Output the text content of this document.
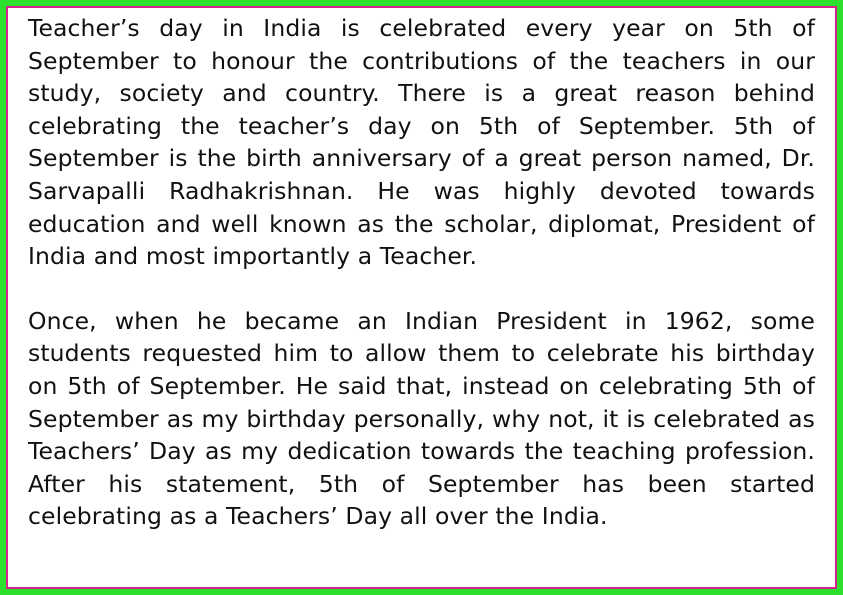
Teacher’s day in India is celebrated every year on 5th of September to honour the contributions of the teachers in our study, society and country. There is a great reason behind celebrating the teacher’s day on 5th of September. 5th of September is the birth anniversary of a great person named, Dr. Sarvapalli Radhakrishnan. He was highly devoted towards education and well known as the scholar, diplomat, President of India and most importantly a Teacher.

Once, when he became an Indian President in 1962, some students requested him to allow them to celebrate his birthday on 5th of September. He said that, instead on celebrating 5th of September as my birthday personally, why not, it is celebrated as Teachers’ Day as my dedication towards the teaching profession. After his statement, 5th of September has been started celebrating as a Teachers’ Day all over the India.
